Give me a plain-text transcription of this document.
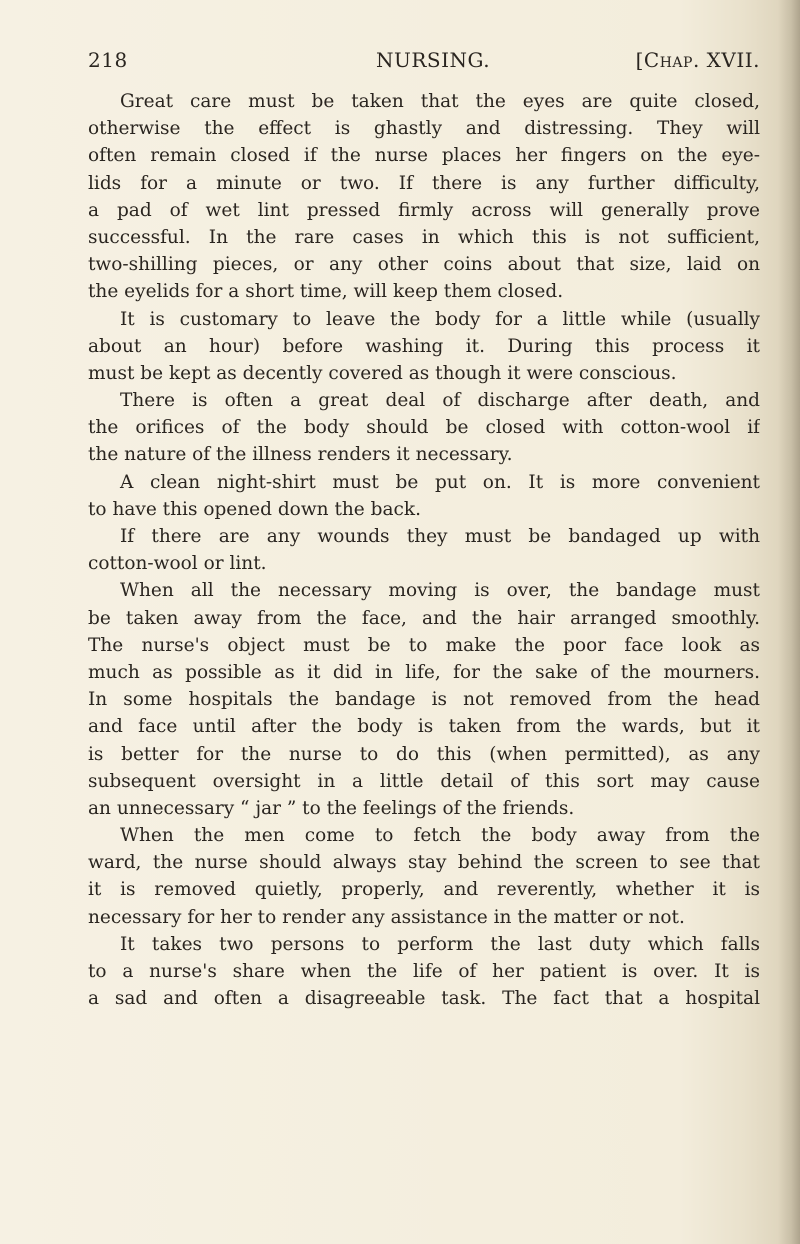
218	NURSING.	[Chap. XVII.
Great care must be taken that the eyes are quite closed,
otherwise the effect is ghastly and distressing. They will
often remain closed if the nurse places her fingers on the eye-
lids for a minute or two. If there is any further difficulty,
a pad of wet lint pressed firmly across will generally prove
successful. In the rare cases in which this is not sufficient,
two-shilling pieces, or any other coins about that size, laid on
the eyelids for a short time, will keep them closed.
It is customary to leave the body for a little while (usually
about an hour) before washing it. During this process it
must be kept as decently covered as though it were conscious.
There is often a great deal of discharge after death, and
the orifices of the body should be closed with cotton-wool if
the nature of the illness renders it necessary.
A clean night-shirt must be put on. It is more convenient
to have this opened down the back.
If there are any wounds they must be bandaged up with
cotton-wool or lint.
When all the necessary moving is over, the bandage must
be taken away from the face, and the hair arranged smoothly.
The nurse's object must be to make the poor face look as
much as possible as it did in life, for the sake of the mourners.
In some hospitals the bandage is not removed from the head
and face until after the body is taken from the wards, but it
is better for the nurse to do this (when permitted), as any
subsequent oversight in a little detail of this sort may cause
an unnecessary “ jar ” to the feelings of the friends.
When the men come to fetch the body away from the
ward, the nurse should always stay behind the screen to see that
it is removed quietly, properly, and reverently, whether it is
necessary for her to render any assistance in the matter or not.
It takes two persons to perform the last duty which falls
to a nurse's share when the life of her patient is over. It is
a sad and often a disagreeable task. The fact that a hospital
